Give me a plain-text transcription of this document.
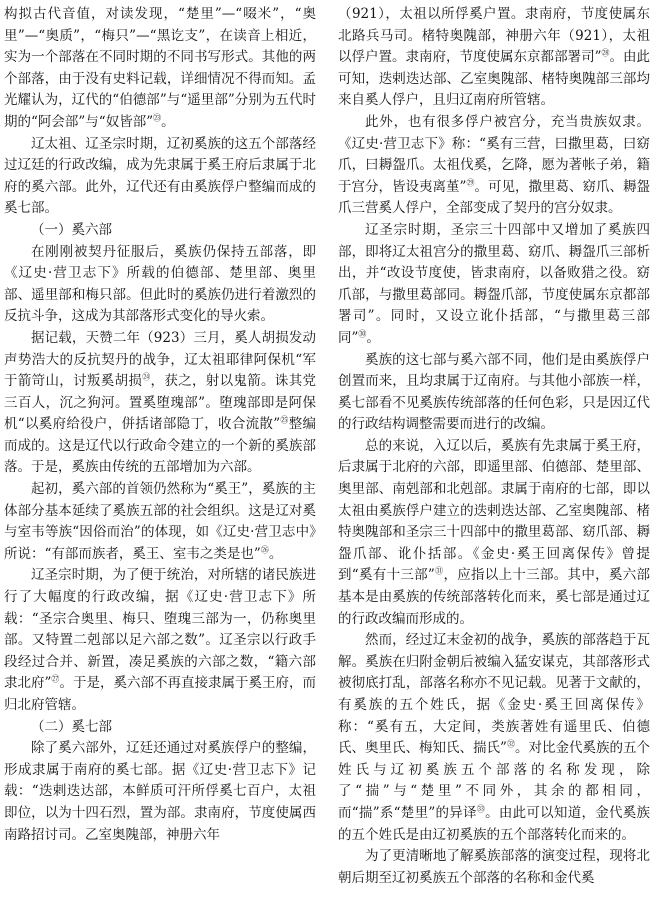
构拟古代音值，对读发现，“楚里”—“啜米”，“奥里”—“奥质”，“梅只”—“黑讫支”，在读音上相近，实为一个部落在不同时期的不同书写形式。其他的两个部落，由于没有史料记载，详细情况不得而知。孟光耀认为，辽代的“伯德部”与“遥里部”分别为五代时期的“阿会部”与“奴皆部”$^㉓$。

辽太祖、辽圣宗时期，辽初奚族的这五个部落经过辽廷的行政改编，成为先隶属于奚王府后隶属于北府的奚六部。此外，辽代还有由奚族俘户整编而成的奚七部。

（一）奚六部

在刚刚被契丹征服后，奚族仍保持五部落，即《辽史·营卫志下》所载的伯德部、楚里部、奥里部、遥里部和梅只部。但此时的奚族仍进行着激烈的反抗斗争，这成为其部落形式变化的导火索。

据记载，天赞二年（923）三月，奚人胡损发动声势浩大的反抗契丹的战争，辽太祖耶律阿保机“军于箭笴山，讨叛奚胡损$^㉔$，获之，射以鬼箭。诛其党三百人，沉之狗河。置奚堕瑰部”。堕瑰部即是阿保机“以奚府给役户，併括诸部隐丁，收合流散”$^㉕$整编而成的。这是辽代以行政命令建立的一个新的奚族部落。于是，奚族由传统的五部增加为六部。

起初，奚六部的首领仍然称为“奚王”，奚族的主体部分基本延续了奚族五部的社会组织。这是辽对奚与室韦等族“因俗而治”的体现，如《辽史·营卫志中》所说：“有部而族者，奚王、室韦之类是也”$^㉖$。

辽圣宗时期，为了便于统治，对所辖的诸民族进行了大幅度的行政改编，据《辽史·营卫志下》所载：“圣宗合奥里、梅只、堕瑰三部为一，仍称奥里部。又特置二剋部以足六部之数”。辽圣宗以行政手段经过合并、新置，凑足奚族的六部之数，“籍六部隶北府”$^㉗$。于是，奚六部不再直接隶属于奚王府，而归北府管辖。

（二）奚七部

除了奚六部外，辽廷还通过对奚族俘户的整编，形成隶属于南府的奚七部。据《辽史·营卫志下》记载：“迭剌迭达部，本鲜质可汗所俘奚七百户，太祖即位，以为十四石烈，置为部。隶南府，节度使属西南路招讨司。乙室奥隗部，神册六年

（921），太祖以所俘奚户置。隶南府，节度使属东北路兵马司。楮特奥隗部，神册六年（921），太祖以俘户置。隶南府，节度使属东京都部署司”$^㉘$。由此可知，迭剌迭达部、乙室奥隗部、楮特奥隗部三部均来自奚人俘户，且归辽南府所管辖。

此外，也有很多俘户被宫分，充当贵族奴隶。《辽史·营卫志下》称：“奚有三营，曰撒里葛，曰窈爪，曰耨盌爪。太祖伐奚，乞降，愿为著帐子弟，籍于宫分，皆设夷离堇”$^㉙$。可见，撒里葛、窈爪、耨盌爪三营奚人俘户，全部变成了契丹的宫分奴隶。

辽圣宗时期，圣宗三十四部中又增加了奚族四部，即将辽太祖宫分的撒里葛、窈爪、耨盌爪三部析出，并“改设节度使，皆隶南府，以备败猎之役。窈爪部，与撒里葛部同。耨盌爪部，节度使属东京都部署司”。同时，又设立讹仆括部，“与撒里葛三部同”$^㉚$。

奚族的这七部与奚六部不同，他们是由奚族俘户创置而来，且均隶属于辽南府。与其他小部族一样，奚七部看不见奚族传统部落的任何色彩，只是因辽代的行政结构调整需要而进行的改编。

总的来说，入辽以后，奚族有先隶属于奚王府，后隶属于北府的六部，即遥里部、伯德部、楚里部、奥里部、南剋部和北剋部。隶属于南府的七部，即以太祖由奚族俘户建立的迭剌迭达部、乙室奥隗部、楮特奥隗部和圣宗三十四部中的撒里葛部、窈爪部、耨盌爪部、讹仆括部。《金史·奚王回离保传》曾提到“奚有十三部”$^㉛$，应指以上十三部。其中，奚六部基本是由奚族的传统部落转化而来，奚七部是通过辽的行政改编而形成的。

然而，经过辽末金初的战争，奚族的部落趋于瓦解。奚族在归附金朝后被编入猛安谋克，其部落形式被彻底打乱，部落名称亦不见记载。见著于文献的，有奚族的五个姓氏，据《金史·奚王回离保传》称：“奚有五，大定间，类族著姓有遥里氏、伯德氏、奥里氏、梅知氏、揣氏”$^㉜$。对比金代奚族的五个姓氏与辽初奚族五个部落的名称发现，除了“揣”与“楚里”不同外，其余的都相同，而“揣”系“楚里”的异译$^㉝$。由此可以知道，金代奚族的五个姓氏是由辽初奚族的五个部落转化而来的。

为了更清晰地了解奚族部落的演变过程，现将北朝后期至辽初奚族五个部落的名称和金代奚
